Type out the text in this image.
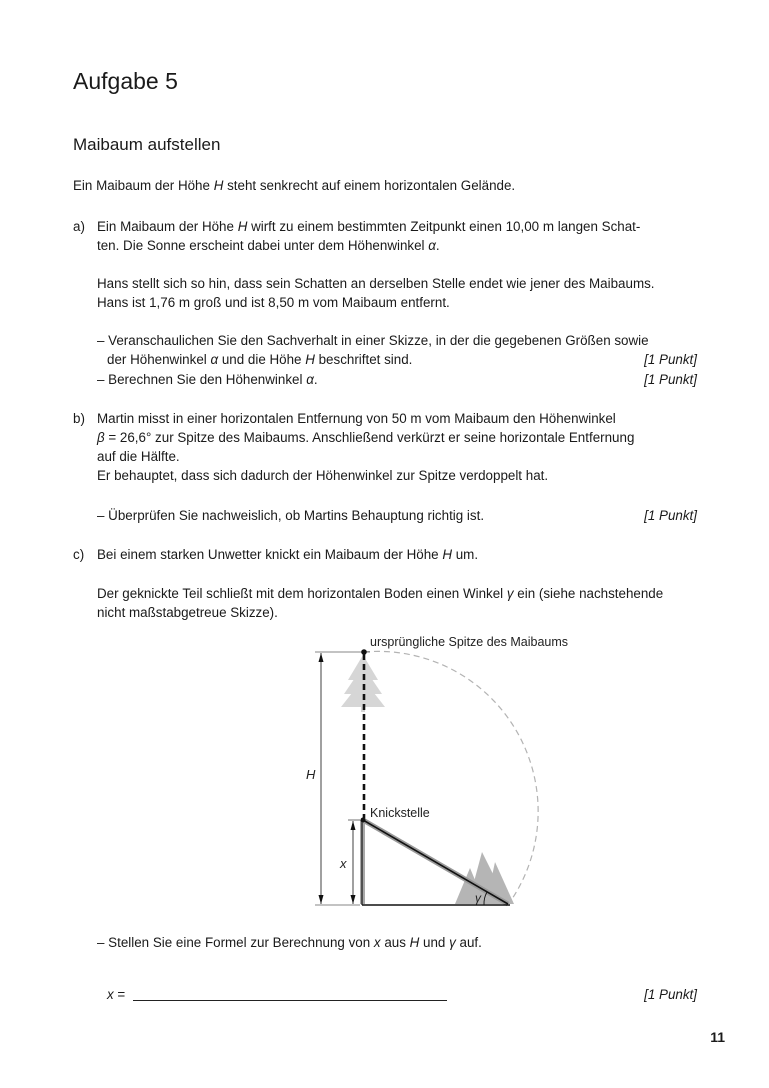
Aufgabe 5
Maibaum aufstellen
Ein Maibaum der Höhe H steht senkrecht auf einem horizontalen Gelände.
a) Ein Maibaum der Höhe H wirft zu einem bestimmten Zeitpunkt einen 10,00 m langen Schat-
ten. Die Sonne erscheint dabei unter dem Höhenwinkel α.
Hans stellt sich so hin, dass sein Schatten an derselben Stelle endet wie jener des Maibaums.
Hans ist 1,76 m groß und ist 8,50 m vom Maibaum entfernt.
– Veranschaulichen Sie den Sachverhalt in einer Skizze, in der die gegebenen Größen sowie
der Höhenwinkel α und die Höhe H beschriftet sind.	[1 Punkt]
– Berechnen Sie den Höhenwinkel α.	[1 Punkt]
b) Martin misst in einer horizontalen Entfernung von 50 m vom Maibaum den Höhenwinkel
β = 26,6° zur Spitze des Maibaums. Anschließend verkürzt er seine horizontale Entfernung
auf die Hälfte.
Er behauptet, dass sich dadurch der Höhenwinkel zur Spitze verdoppelt hat.
– Überprüfen Sie nachweislich, ob Martins Behauptung richtig ist.	[1 Punkt]
c) Bei einem starken Unwetter knickt ein Maibaum der Höhe H um.
Der geknickte Teil schließt mit dem horizontalen Boden einen Winkel γ ein (siehe nachstehende
nicht maßstabgetreue Skizze).
ursprüngliche Spitze des Maibaums
Knickstelle
H
x
γ
– Stellen Sie eine Formel zur Berechnung von x aus H und γ auf.
x =	[1 Punkt]
11
